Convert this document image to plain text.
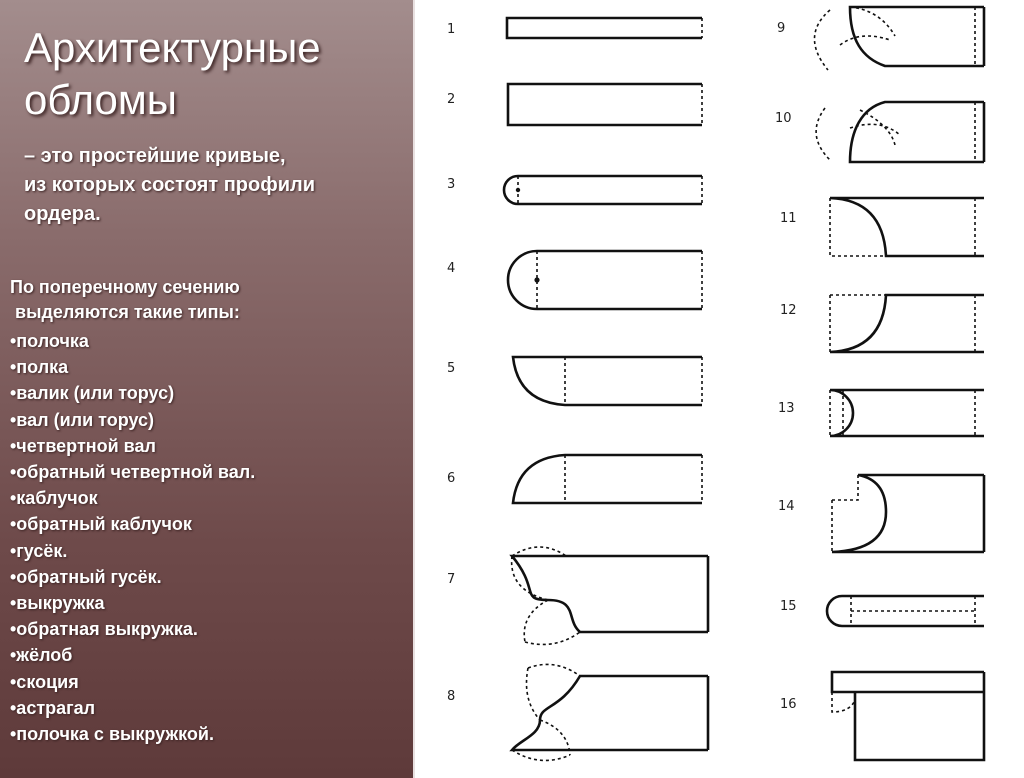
Архитектурные
обломы

– это простейшие кривые,
из которых состоят профили
ордера.

По поперечному сечению
выделяются такие типы:

•полочка
•полка
•валик (или торус)
•вал (или торус)
•четвертной вал
•обратный четвертной вал.
•каблучок
•обратный каблучок
•гусёк.
•обратный гусёк.
•выкружка
•обратная выкружка.
•жёлоб
•скоция
•астрагал
•полочка с выкружкой.
1
2
3
4
5
6
7
8
9
10
11
12
13
14
15
16
